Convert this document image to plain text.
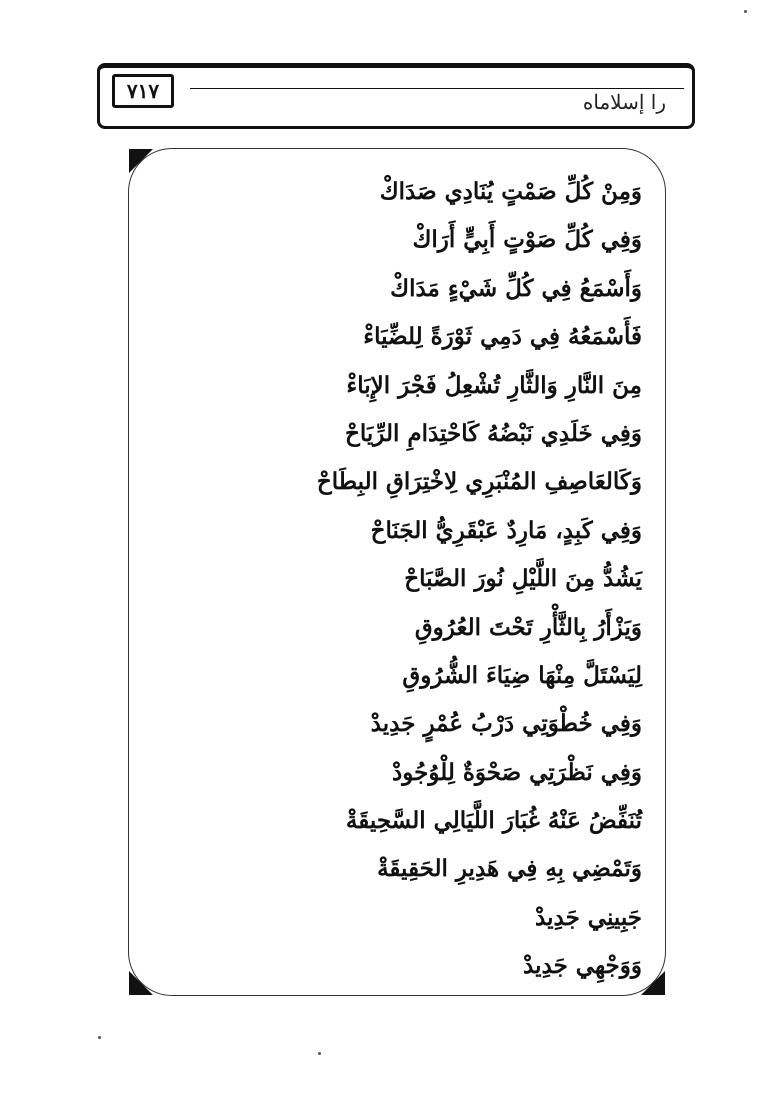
٧١٧	را إسلاماه
وَمِنْ كُلِّ صَمْتٍ يُنَادِي صَدَاكْ
وَفِي كُلِّ صَوْتٍ أَبِيٍّ أَرَاكْ
وَأَسْمَعُ فِي كُلِّ شَيْءٍ مَدَاكْ
فَأَسْمَعُهُ فِي دَمِي ثَوْرَةً لِلضِّيَاءْ
مِنَ النَّارِ وَالثَّارِ تُشْعِلُ فَجْرَ الإِبَاءْ
وَفِي خَلَدِي نَبْضُهُ كَاحْتِدَامِ الرِّيَاحْ
وَكَالعَاصِفِ المُنْبَرِي لِاخْتِرَاقِ البِطَاحْ
وَفِي كَبِدٍ، مَارِدٌ عَبْقَرِيُّ الجَنَاحْ
يَشُدُّ مِنَ اللَّيْلِ نُورَ الصَّبَاحْ
وَيَزْأَرُ بِالثَّأْرِ تَحْتَ العُرُوقِ
لِيَسْتَلَّ مِنْهَا ضِيَاءَ الشُّرُوقِ
وَفِي خُطْوَتِي دَرْبُ عُمْرٍ جَدِيدْ
وَفِي نَظْرَتِي صَحْوَةٌ لِلْوُجُودْ
تُنَفِّضُ عَنْهُ غُبَارَ اللَّيَالِي السَّحِيقَةْ
وَتَمْضِي بِهِ فِي هَدِيرِ الحَقِيقَةْ
جَبِينِي جَدِيدْ
وَوَجْهِي جَدِيدْ
